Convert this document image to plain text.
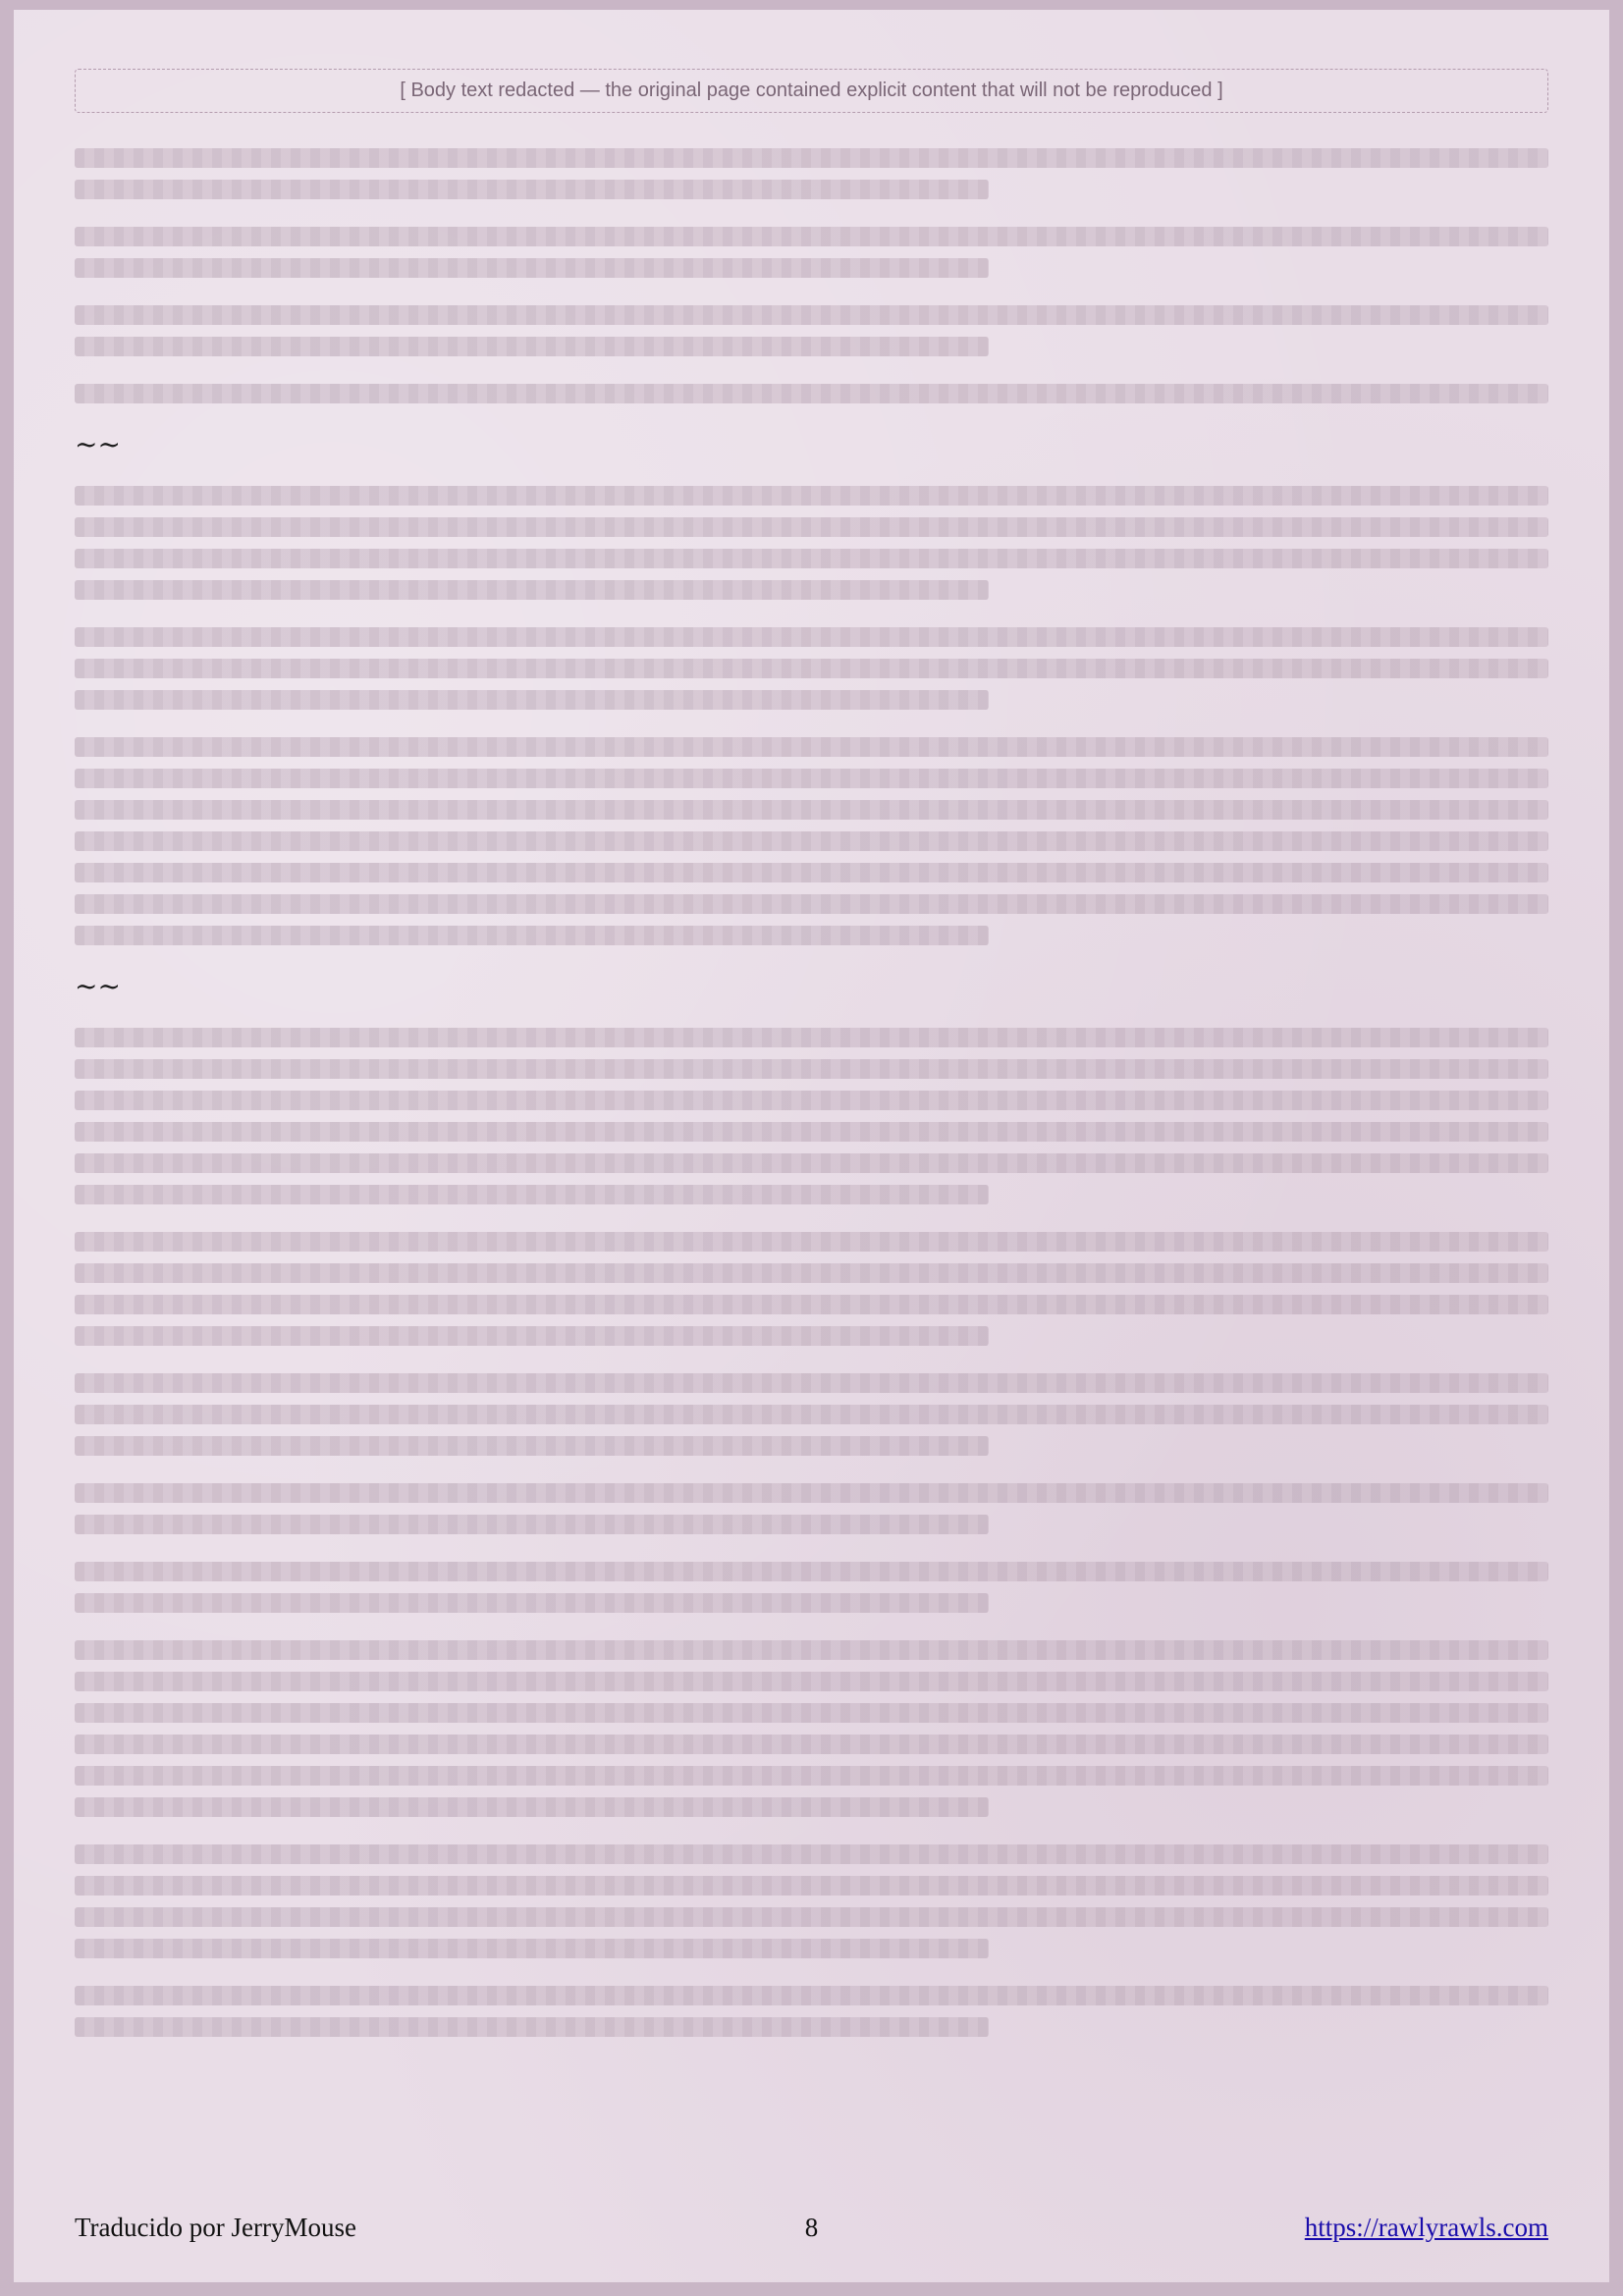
[ Body text redacted — the original page contained explicit content that will not be reproduced ]
~~
~~
Traducido por JerryMouse	8	https://rawlyrawls.com
